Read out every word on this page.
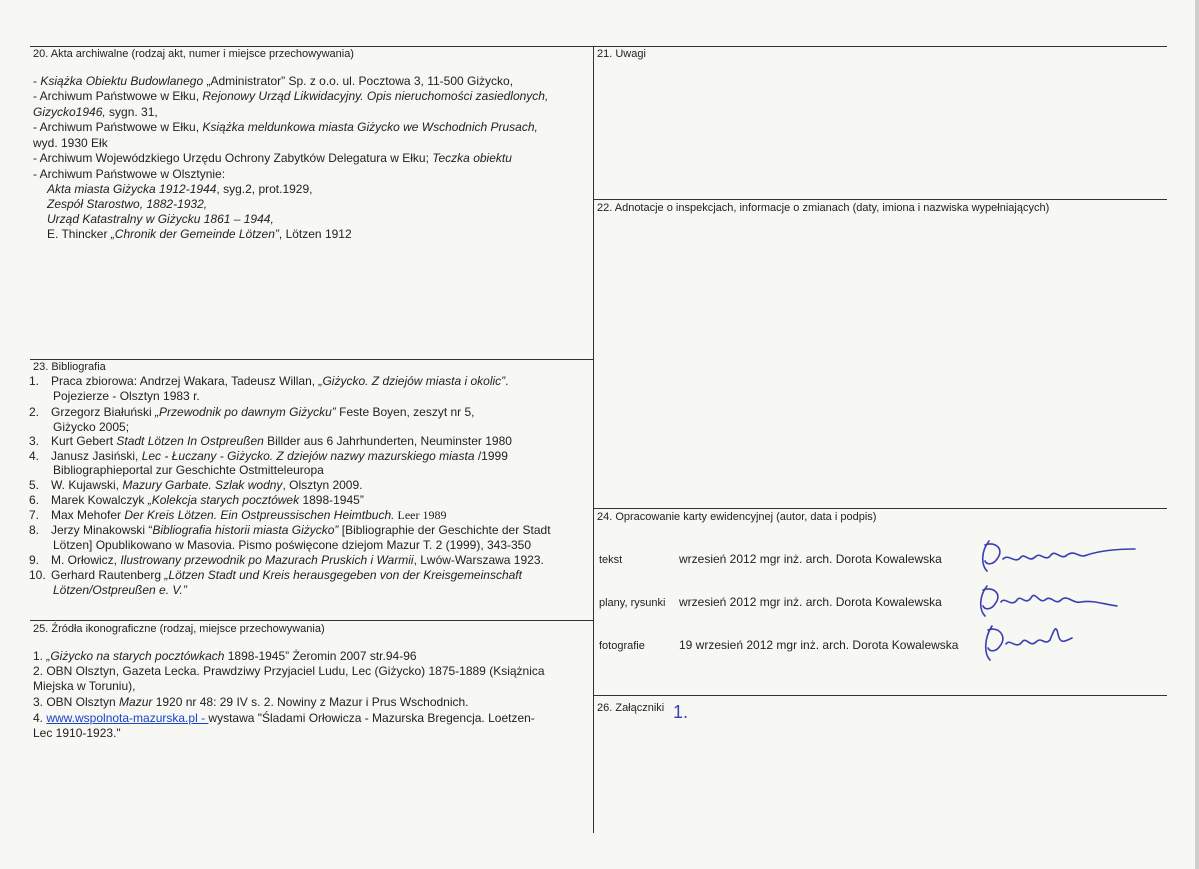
20. Akta archiwalne (rodzaj akt, numer i miejsce przechowywania)
- Książka Obiektu Budowlanego „Administrator” Sp. z o.o. ul. Pocztowa 3, 11-500 Giżycko,
- Archiwum Państwowe w Ełku, Rejonowy Urząd Likwidacyjny. Opis nieruchomości zasiedlonych,
Gizycko1946, sygn. 31,
- Archiwum Państwowe w Ełku, Książka meldunkowa miasta Giżycko we Wschodnich Prusach,
wyd. 1930 Ełk
- Archiwum Wojewódzkiego Urzędu Ochrony Zabytków Delegatura w Ełku; Teczka obiektu
- Archiwum Państwowe w Olsztynie:
Akta miasta Giżycka 1912-1944, syg.2, prot.1929,
Zespół Starostwo, 1882-1932,
Urząd Katastralny w Giżycku 1861 – 1944,
E. Thincker „Chronik der Gemeinde Lötzen”, Lötzen 1912
21. Uwagi
22. Adnotacje o inspekcjach, informacje o zmianach (daty, imiona i nazwiska wypełniających)
23. Bibliografia
1. Praca zbiorowa: Andrzej Wakara, Tadeusz Willan, „Giżycko. Z dziejów miasta i okolic”.
Pojezierze - Olsztyn 1983 r.
2. Grzegorz Białuński „Przewodnik po dawnym Giżycku” Feste Boyen, zeszyt nr 5,
Giżycko 2005;
3. Kurt Gebert Stadt Lötzen In Ostpreußen Billder aus 6 Jahrhunderten, Neuminster 1980
4. Janusz Jasiński, Lec - Łuczany - Giżycko. Z dziejów nazwy mazurskiego miasta /1999
Bibliographieportal zur Geschichte Ostmitteleuropa
5. W. Kujawski, Mazury Garbate. Szlak wodny, Olsztyn 2009.
6. Marek Kowalczyk „Kolekcja starych pocztówek 1898-1945”
7. Max Mehofer Der Kreis Lötzen. Ein Ostpreussischen Heimtbuch. Leer 1989
8. Jerzy Minakowski “Bibliografia historii miasta Giżycko” [Bibliographie der Geschichte der Stadt
Lötzen] Opublikowano w Masovia. Pismo poświęcone dziejom Mazur T. 2 (1999), 343-350
9. M. Orłowicz, Ilustrowany przewodnik po Mazurach Pruskich i Warmii, Lwów-Warszawa 1923.
10. Gerhard Rautenberg „Lötzen Stadt und Kreis herausgegeben von der Kreisgemeinschaft
Lötzen/Ostpreußen e. V.”
24. Opracowanie karty ewidencyjnej (autor, data i podpis)
tekst	wrzesień 2012 mgr inż. arch. Dorota Kowalewska
plany, rysunki wrzesień 2012 mgr inż. arch. Dorota Kowalewska
fotografie	19 wrzesień 2012 mgr inż. arch. Dorota Kowalewska
25. Źródła ikonograficzne (rodzaj, miejsce przechowywania)
1. „Giżycko na starych pocztówkach 1898-1945” Żeromin 2007 str.94-96
2. OBN Olsztyn, Gazeta Lecka. Prawdziwy Przyjaciel Ludu, Lec (Giżycko) 1875-1889 (Książnica
Miejska w Toruniu),
3. OBN Olsztyn Mazur 1920 nr 48: 29 IV s. 2. Nowiny z Mazur i Prus Wschodnich.
4. www.wspolnota-mazurska.pl - wystawa "Śladami Orłowicza - Mazurska Bregencja. Loetzen-
Lec 1910-1923."
26. Załączniki 1.
